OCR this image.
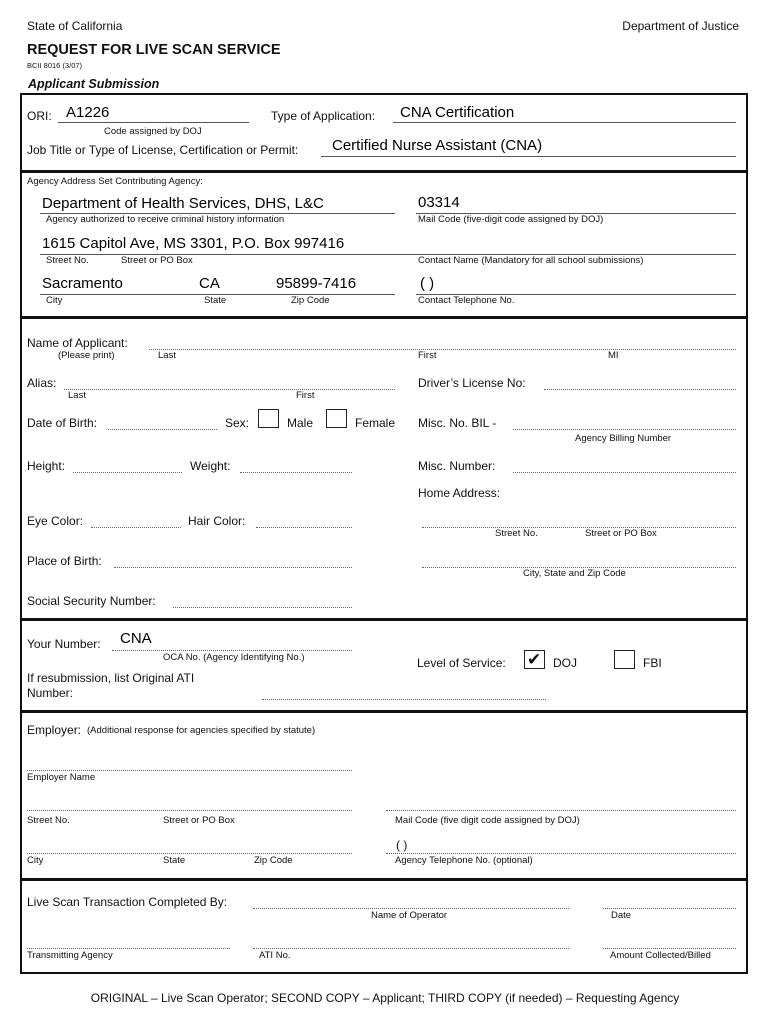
State of California	Department of Justice
REQUEST FOR LIVE SCAN SERVICE
BCII 8016 (3/07)
Applicant Submission
ORI: A1226
Code assigned by DOJ
Type of Application: CNA Certification
Job Title or Type of License, Certification or Permit: Certified Nurse Assistant (CNA)
Agency Address Set Contributing Agency:
Department of Health Services, DHS, L&C
Agency authorized to receive criminal history information
03314
Mail Code (five-digit code assigned by DOJ)
1615 Capitol Ave, MS 3301, P.O. Box 997416
Street No.	Street or PO Box	Contact Name (Mandatory for all school submissions)
Sacramento	CA	95899-7416	( )
City	State	Zip Code	Contact Telephone No.
Name of Applicant:
(Please print)	Last	First	MI
Alias:
Last	First
Driver’s License No:
Date of Birth:	Sex:	Male	Female Misc. No. BIL -
Agency Billing Number
Height:	Weight:	Misc. Number:
Home Address:
Eye Color:	Hair Color:
Street No.	Street or PO Box
Place of Birth:
City, State and Zip Code
Social Security Number:
Your Number: CNA
OCA No. (Agency Identifying No.)	Level of Service: ✔ DOJ	FBI
If resubmission, list Original ATI
Number:
Employer: (Additional response for agencies specified by statute)
Employer Name
Street No.	Street or PO Box	Mail Code (five digit code assigned by DOJ)
( )
City	State	Zip Code	Agency Telephone No. (optional)
Live Scan Transaction Completed By:
Name of Operator	Date
Transmitting Agency	ATI No.	Amount Collected/Billed
ORIGINAL – Live Scan Operator; SECOND COPY – Applicant; THIRD COPY (if needed) – Requesting Agency
